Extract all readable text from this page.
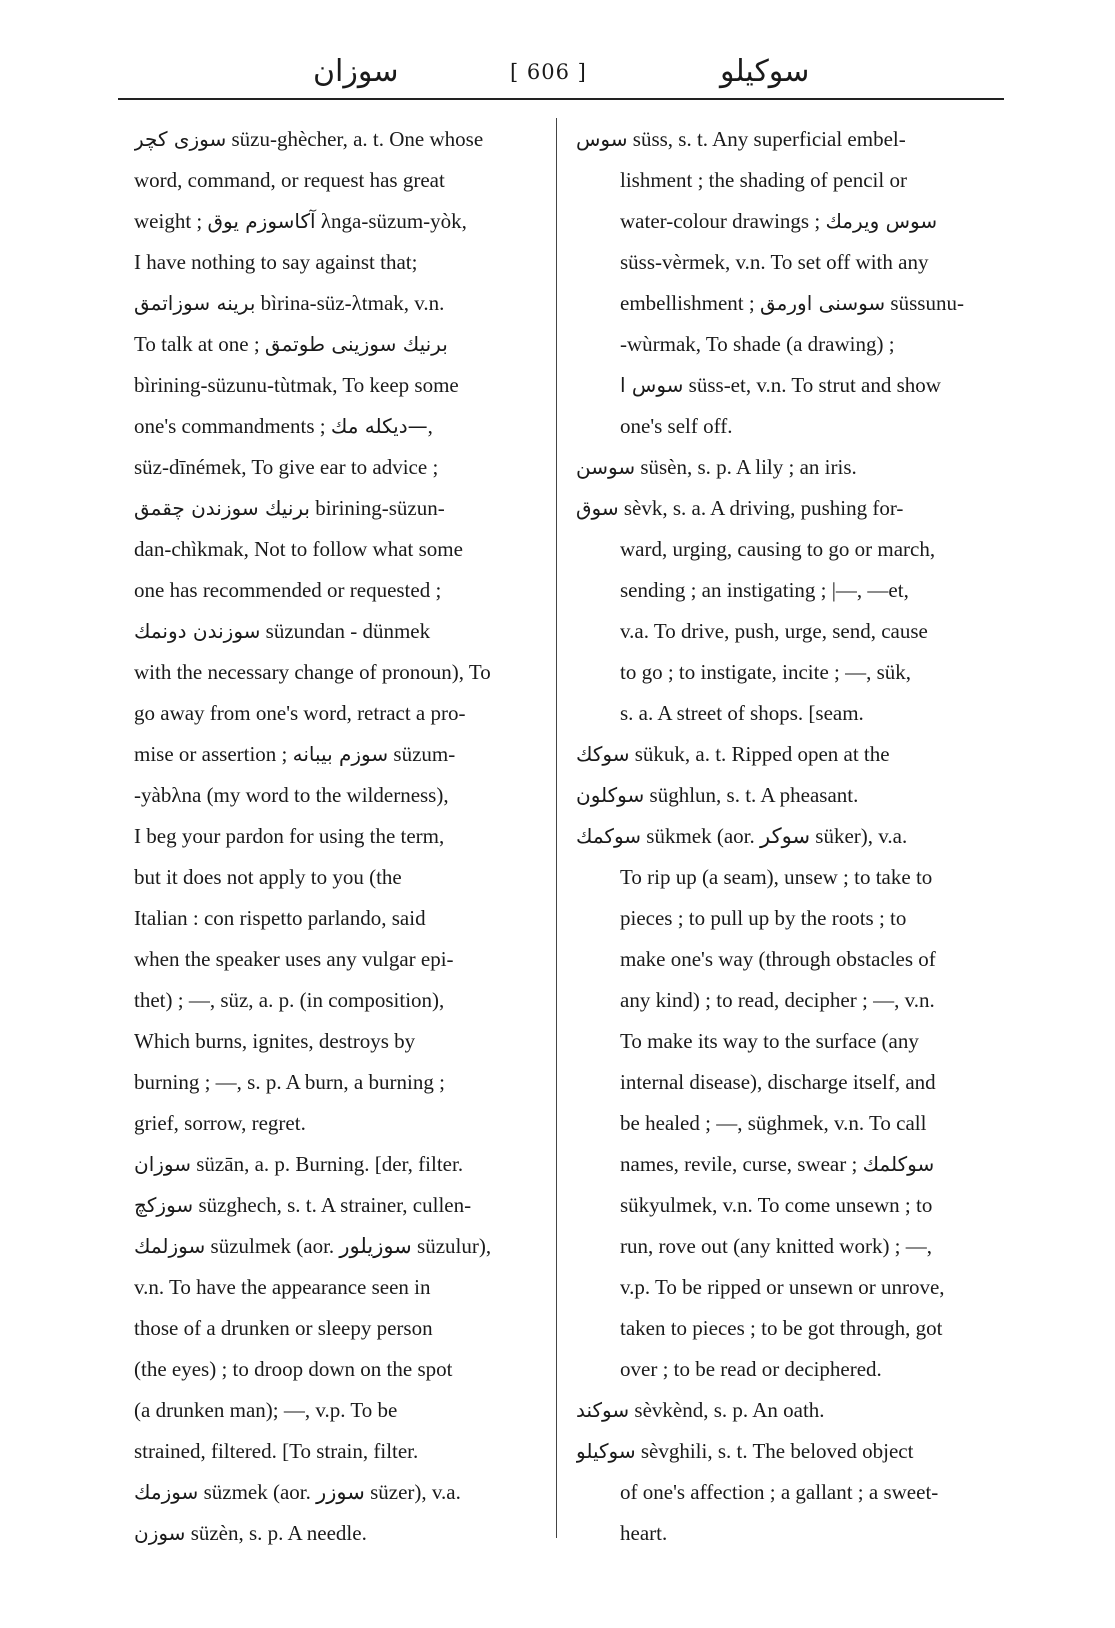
سوزان	[ 606 ]	سوکیلو
سوزی کچر süzu-ghècher, a. t. One whose
word, command, or request has great
weight ; آکاسوزم یوق λnga-süzum-yòk,
I have nothing to say against that;
برینه سوزاتمق bìrina-süz-λtmak, v.n.
To talk at one ; برنیك سوزینی طوتمق
bìrining-süzunu-tùtmak, To keep some
one's commandments ; —دیکله مك,
süz-dīnémek, To give ear to advice ;
برنیك سوزندن چقمق birining-süzun-
dan-chìkmak, Not to follow what some
one has recommended or requested ;
سوزندن دونمك süzundan - dünmek
with the necessary change of pronoun), To
go away from one's word, retract a pro-
mise or assertion ; سوزم بیبانه süzum-
-yàbλna (my word to the wilderness),
I beg your pardon for using the term,
but it does not apply to you (the
Italian : con rispetto parlando, said
when the speaker uses any vulgar epi-
thet) ; —, süz, a. p. (in composition),
Which burns, ignites, destroys by
burning ; —, s. p. A burn, a burning ;
grief, sorrow, regret.
سوزان süzān, a. p. Burning. [der, filter.
سوزکچ süzghech, s. t. A strainer, cullen-
سوزلمك süzulmek (aor. سوزیلور süzulur),
v.n. To have the appearance seen in
those of a drunken or sleepy person
(the eyes) ; to droop down on the spot
(a drunken man); —, v.p. To be
strained, filtered. [To strain, filter.
سوزمك süzmek (aor. سوزر süzer), v.a.
سوزن süzèn, s. p. A needle.
سوس süss, s. t. Any superficial embel-
lishment ; the shading of pencil or
water-colour drawings ; سوس ویرمك
süss-vèrmek, v.n. To set off with any
embellishment ; سوسنی اورمق süssunu-
-wùrmak, To shade (a drawing) ;
سوس ا süss-et, v.n. To strut and show
one's self off.
سوسن süsèn, s. p. A lily ; an iris.
سوق sèvk, s. a. A driving, pushing for-
ward, urging, causing to go or march,
sending ; an instigating ; |—, —et,
v.a. To drive, push, urge, send, cause
to go ; to instigate, incite ; —, sük,
s. a. A street of shops. [seam.
سوکك sükuk, a. t. Ripped open at the
سوکلون süghlun, s. t. A pheasant.
سوکمك sükmek (aor. سوکر süker), v.a.
To rip up (a seam), unsew ; to take to
pieces ; to pull up by the roots ; to
make one's way (through obstacles of
any kind) ; to read, decipher ; —, v.n.
To make its way to the surface (any
internal disease), discharge itself, and
be healed ; —, süghmek, v.n. To call
names, revile, curse, swear ; سوکلمك
sükyulmek, v.n. To come unsewn ; to
run, rove out (any knitted work) ; —,
v.p. To be ripped or unsewn or unrove,
taken to pieces ; to be got through, got
over ; to be read or deciphered.
سوکند sèvkènd, s. p. An oath.
سوکیلو sèvghili, s. t. The beloved object
of one's affection ; a gallant ; a sweet-
heart.
